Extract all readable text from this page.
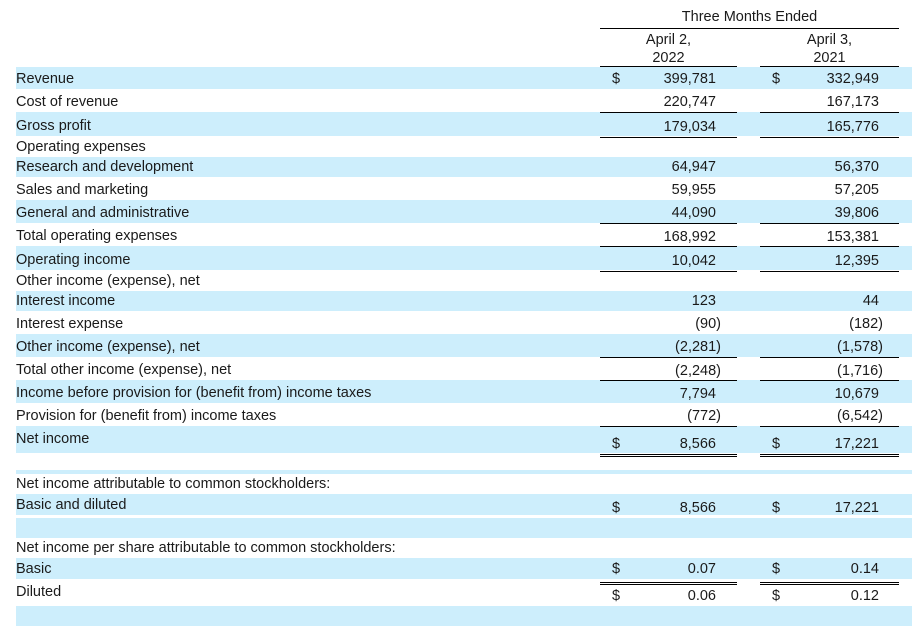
Three Months Ended
April 2,
2022
April 3,
2021
Revenue	$	399,781	$	332,949
Cost of revenue	220,747	167,173
Gross profit	179,034	165,776
Operating expenses
Research and development	64,947	56,370
Sales and marketing	59,955	57,205
General and administrative	44,090	39,806
Total operating expenses	168,992	153,381
Operating income	10,042	12,395
Other income (expense), net
Interest income	123	44
Interest expense	(90)	(182)
Other income (expense), net	(2,281)	(1,578)
Total other income (expense), net	(2,248)	(1,716)
Income before provision for (benefit from) income taxes	7,794	10,679
Provision for (benefit from) income taxes	(772)	(6,542)
Net income	$	8,566	$	17,221
Net income attributable to common stockholders:
Basic and diluted	$	8,566	$	17,221
Net income per share attributable to common stockholders:
Basic	$	0.07	$	0.14
Diluted	$	0.06	$	0.12
